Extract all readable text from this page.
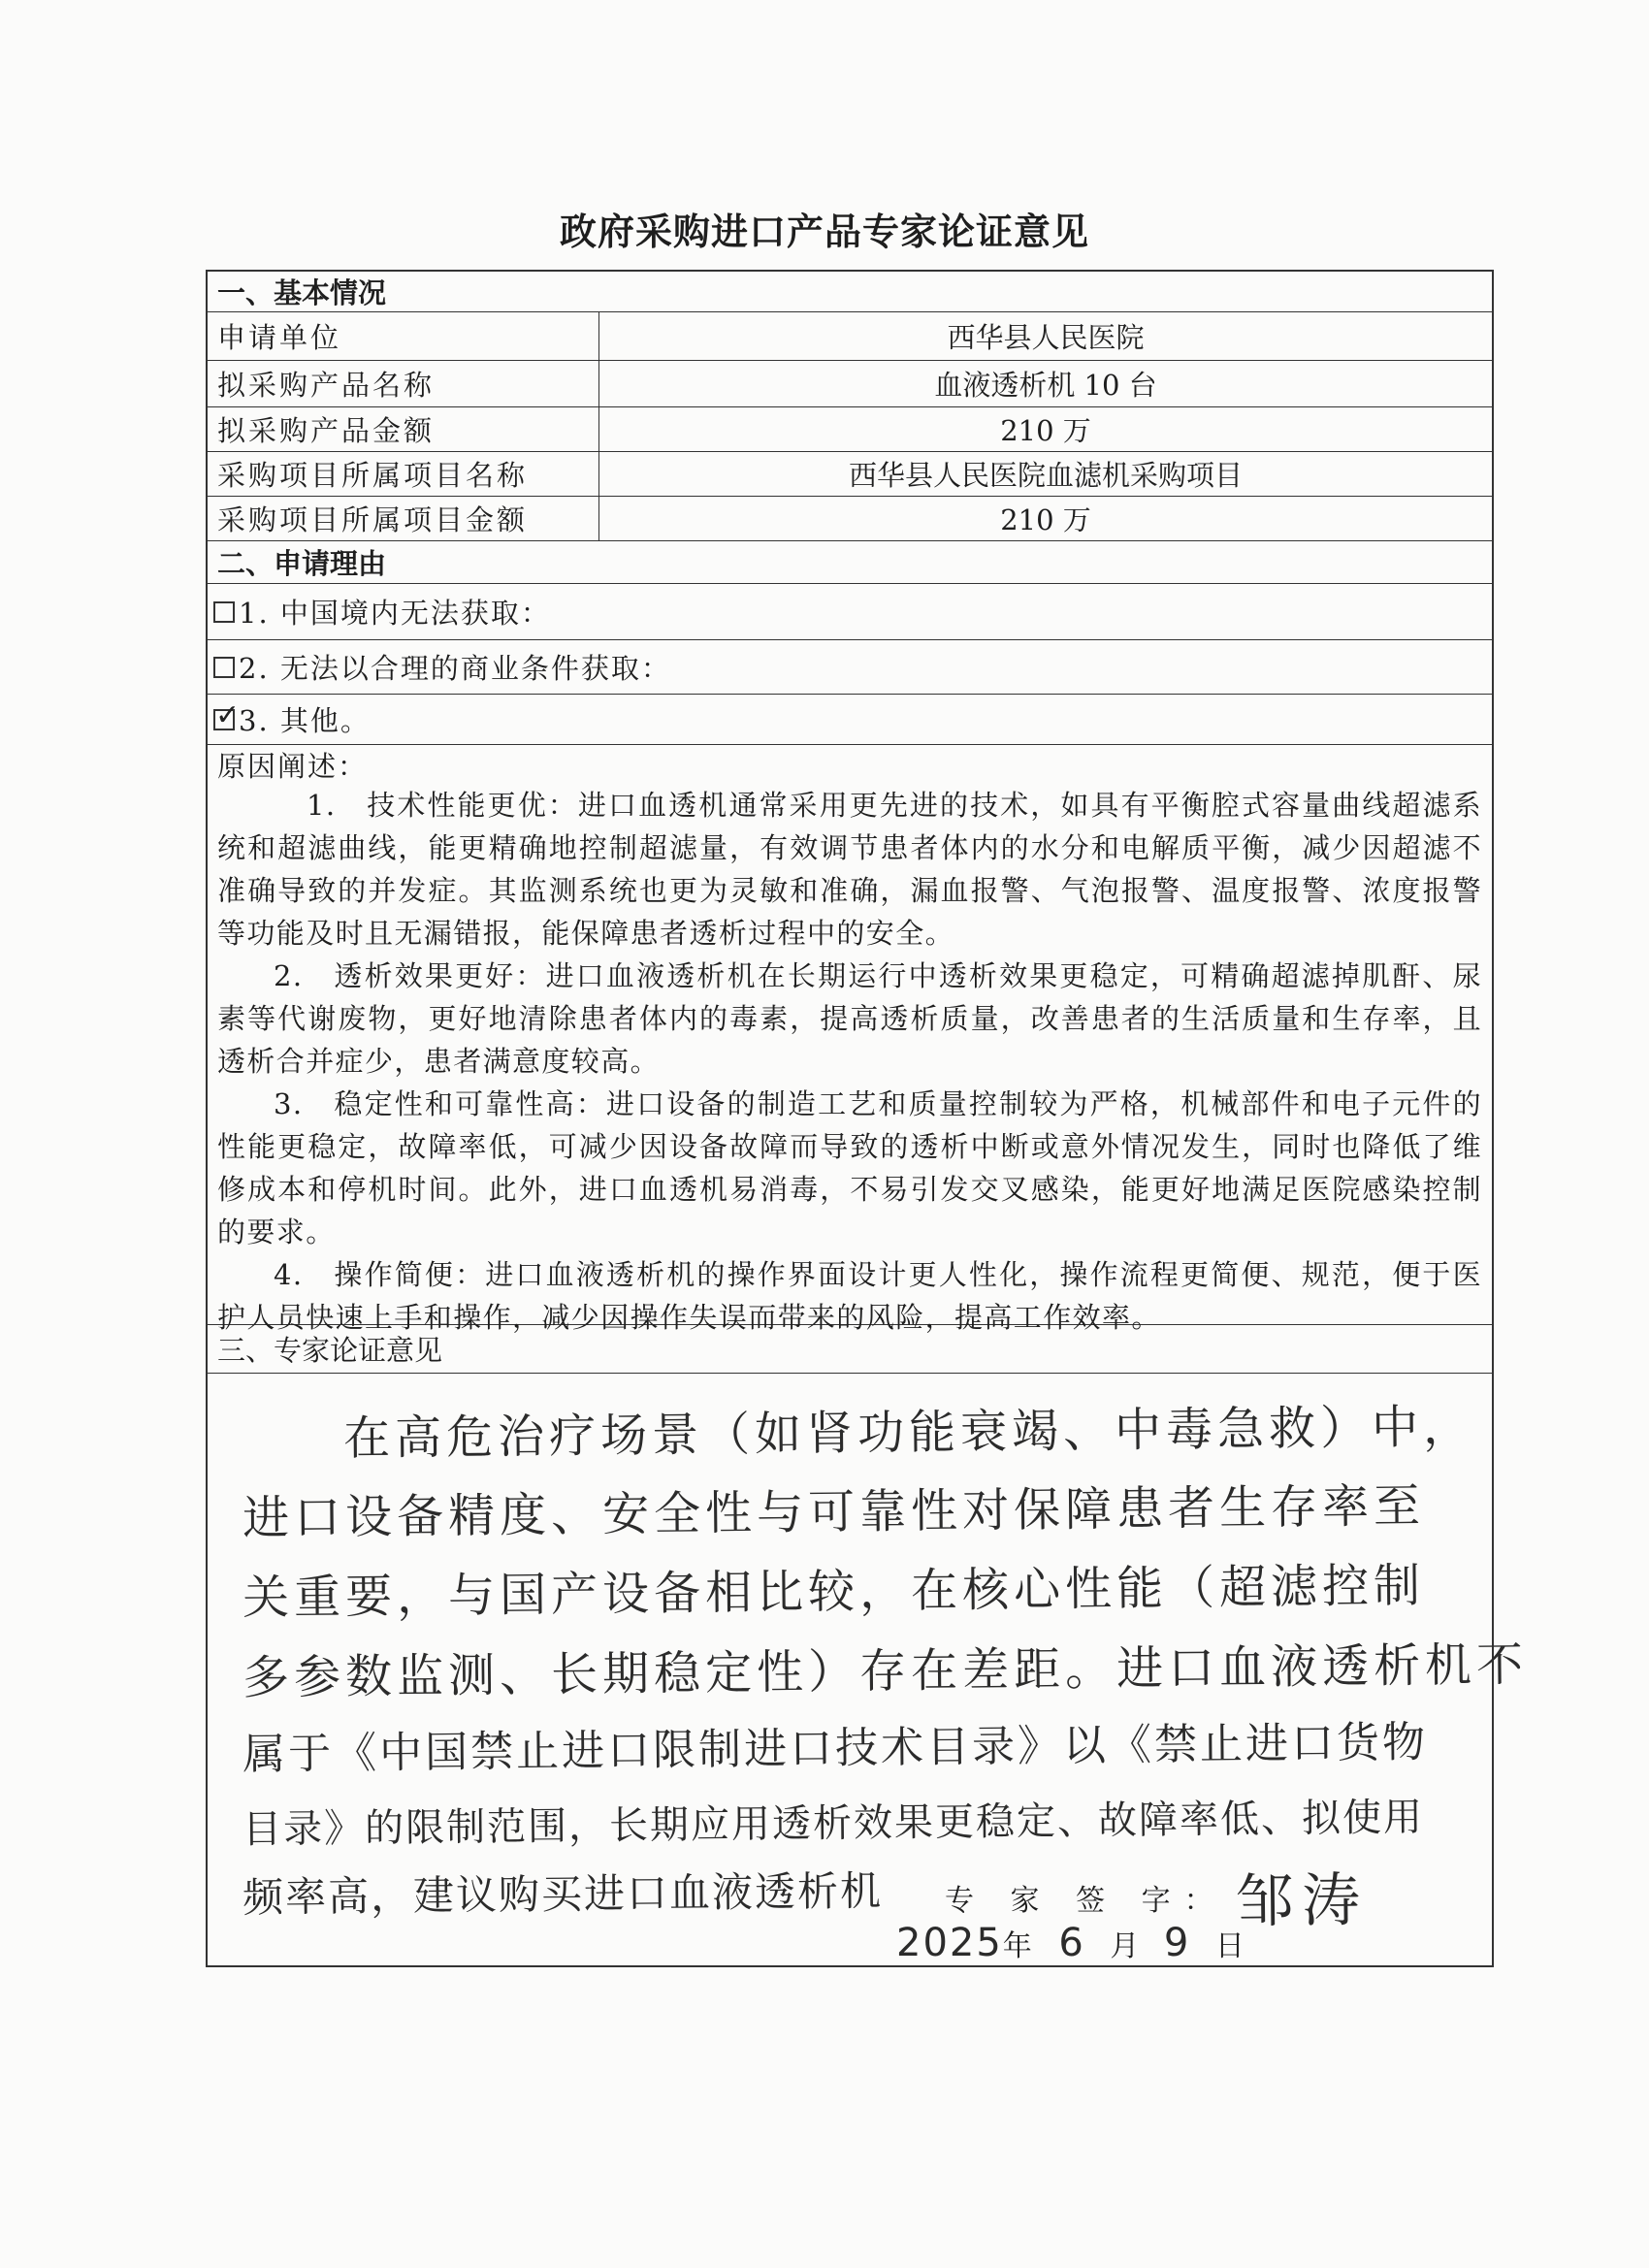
政府采购进口产品专家论证意见
一、基本情况
申请单位	西华县人民医院
拟采购产品名称	血液透析机 10 台
拟采购产品金额	210 万
采购项目所属项目名称	西华县人民医院血滤机采购项目
采购项目所属项目金额	210 万
二、申请理由
1. 中国境内无法获取：
2. 无法以合理的商业条件获取：
✓
3. 其他。
原因阐述：

1.　技术性能更优：进口血透机通常采用更先进的技术，如具有平衡腔式容量曲线超滤系统和超滤曲线，能更精确地控制超滤量，有效调节患者体内的水分和电解质平衡，减少因超滤不准确导致的并发症。其监测系统也更为灵敏和准确，漏血报警、气泡报警、温度报警、浓度报警等功能及时且无漏错报，能保障患者透析过程中的安全。

2.　透析效果更好：进口血液透析机在长期运行中透析效果更稳定，可精确超滤掉肌酐、尿素等代谢废物，更好地清除患者体内的毒素，提高透析质量，改善患者的生活质量和生存率，且透析合并症少，患者满意度较高。

3.　稳定性和可靠性高：进口设备的制造工艺和质量控制较为严格，机械部件和电子元件的性能更稳定，故障率低，可减少因设备故障而导致的透析中断或意外情况发生，同时也降低了维修成本和停机时间。此外，进口血透机易消毒，不易引发交叉感染，能更好地满足医院感染控制的要求。

4.　操作简便：进口血液透析机的操作界面设计更人性化，操作流程更简便、规范，便于医护人员快速上手和操作，减少因操作失误而带来的风险，提高工作效率。

三、专家论证意见
在高危治疗场景（如肾功能衰竭、中毒急救）中，
进口设备精度、安全性与可靠性对保障患者生存率至
关重要，与国产设备相比较，在核心性能（超滤控制
多参数监测、长期稳定性）存在差距。进口血液透析机不
属于《中国禁止进口限制进口技术目录》以《禁止进口货物
目录》的限制范围，长期应用透析效果更稳定、故障率低、拟使用
频率高，建议购买进口血液透析机 专 家 签 字： 邹涛
2025年 6 月 9 日
